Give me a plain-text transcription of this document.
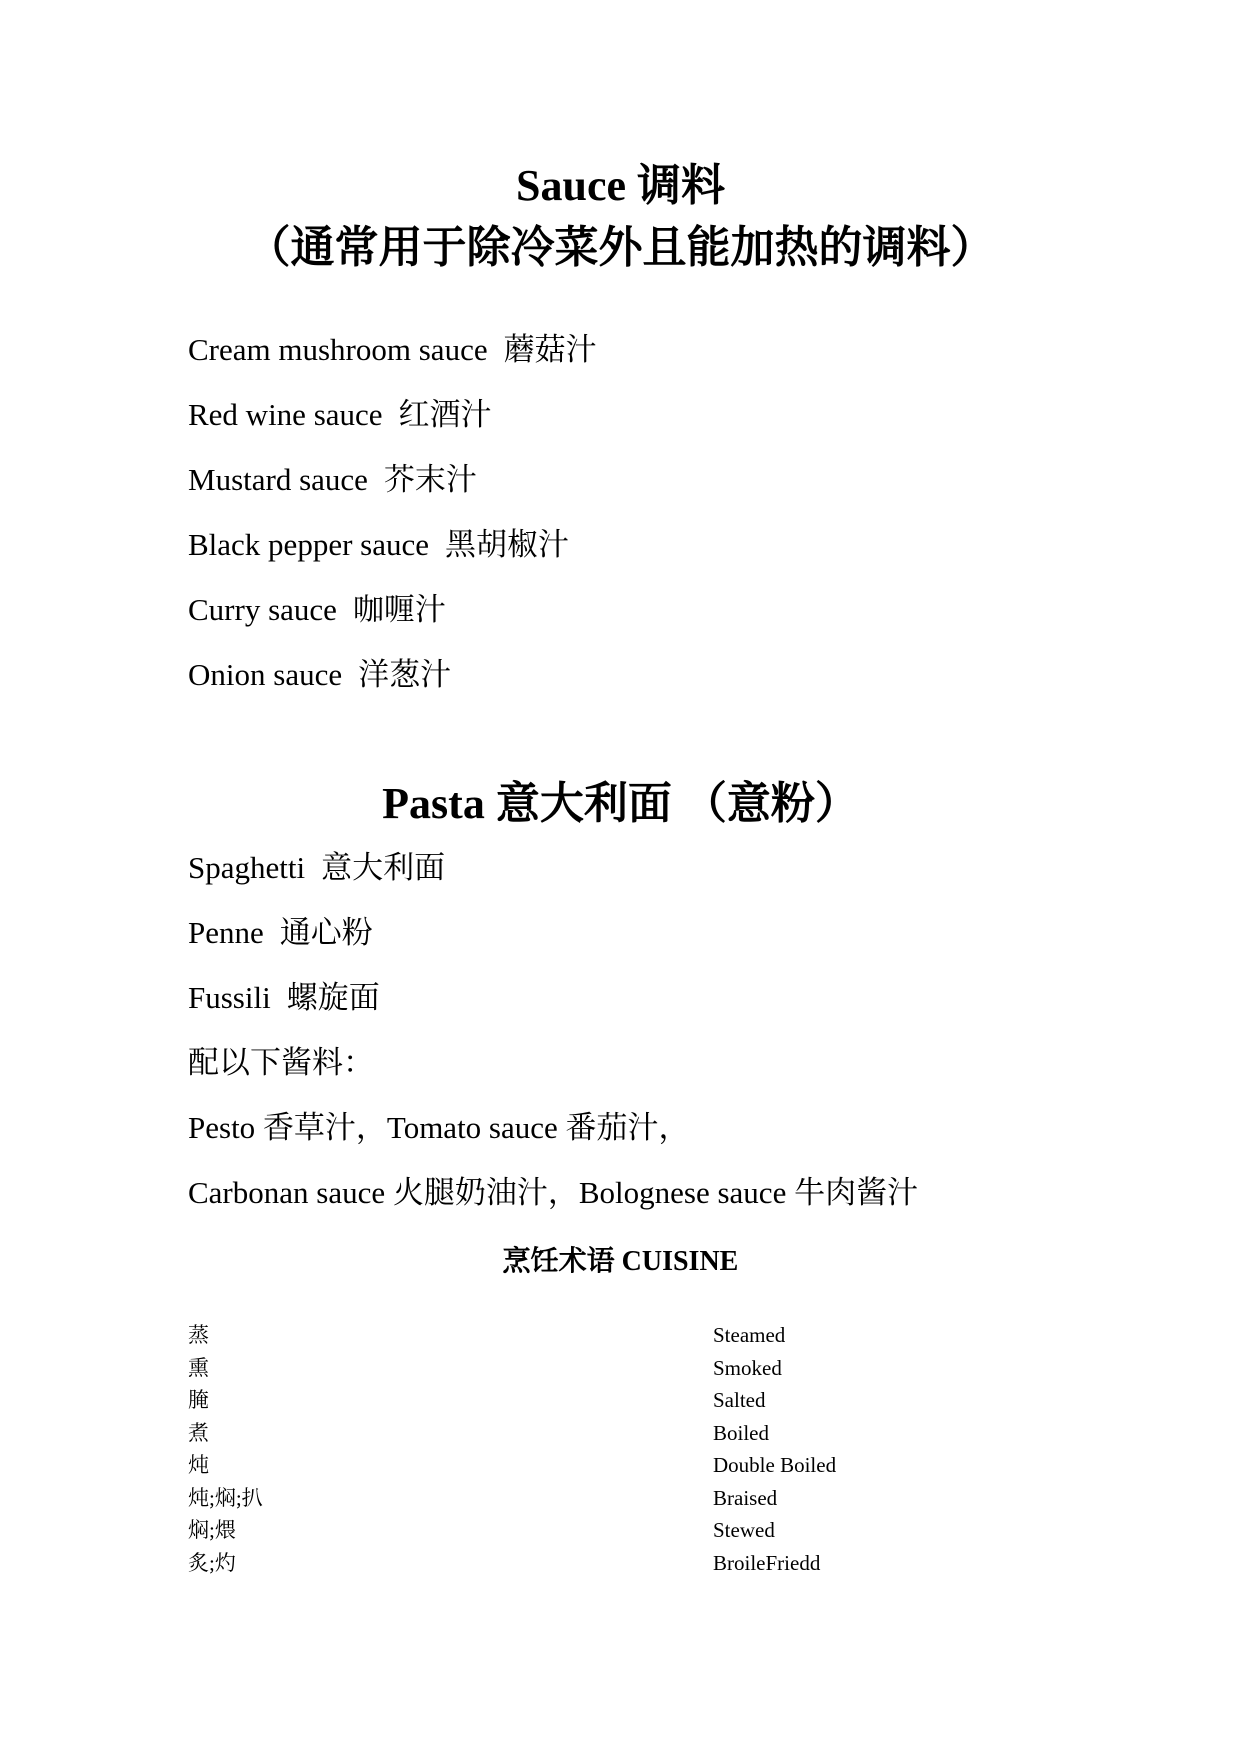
Sauce 调料
（通常用于除冷菜外且能加热的调料）
Cream mushroom sauce 蘑菇汁
Red wine sauce 红酒汁
Mustard sauce 芥末汁
Black pepper sauce 黑胡椒汁
Curry sauce 咖喱汁
Onion sauce 洋葱汁
Pasta 意大利面 （意粉）
Spaghetti 意大利面
Penne 通心粉
Fussili 螺旋面
配以下酱料：
Pesto 香草汁，Tomato sauce 番茄汁，
Carbonan sauce 火腿奶油汁，Bolognese sauce 牛肉酱汁
烹饪术语 CUISINE
蒸	Steamed
熏	Smoked
腌	Salted
煮	Boiled
炖	Double Boiled
炖;焖;扒	Braised
焖;煨	Stewed
炙;灼	BroileFriedd
